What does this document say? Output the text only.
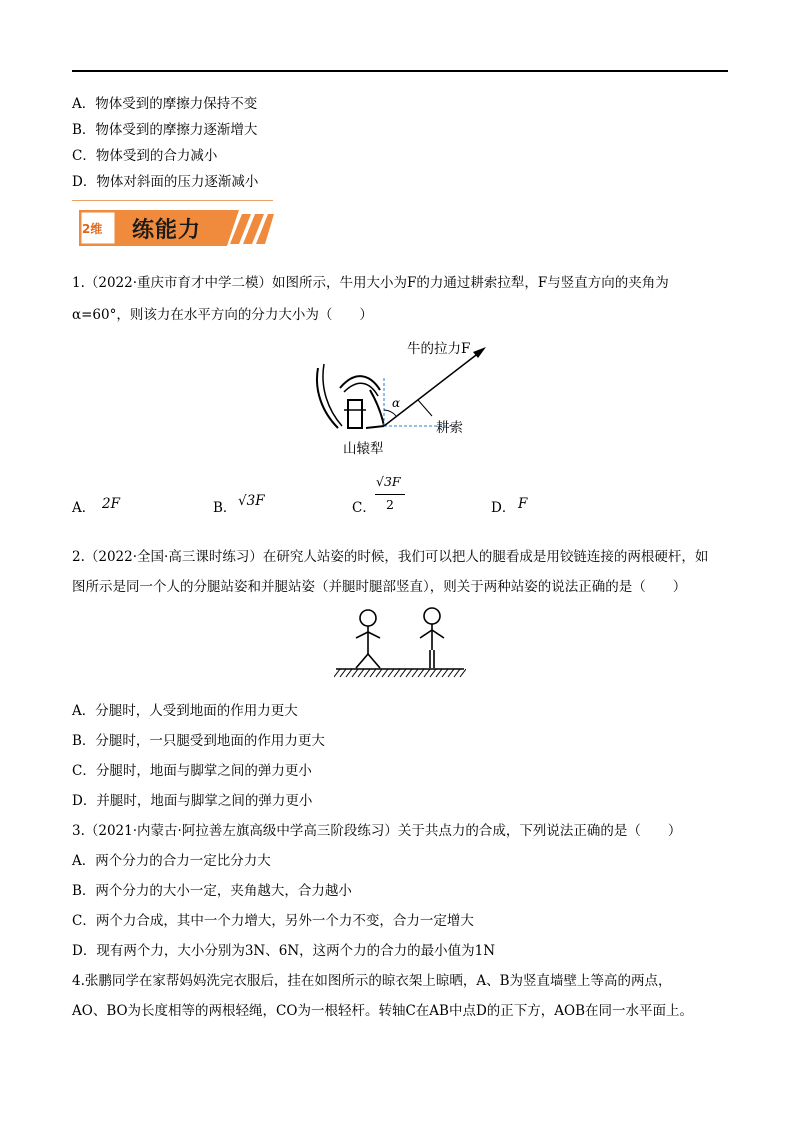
A．物体受到的摩擦力保持不变
B．物体受到的摩擦力逐渐增大
C．物体受到的合力减小
D．物体对斜面的压力逐渐减小
2维 练能力
1.（2022·重庆市育才中学二模）如图所示，牛用大小为F的力通过耕索拉犁，F与竖直方向的夹角为
α=60°，则该力在水平方向的分力大小为（　　）
牛的拉力F
α
耕索
山辕犁
A． 2F	B． √3F	C．
√3F
2	D． F
2.（2022·全国·高三课时练习）在研究人站姿的时候，我们可以把人的腿看成是用铰链连接的两根硬杆，如
图所示是同一个人的分腿站姿和并腿站姿（并腿时腿部竖直），则关于两种站姿的说法正确的是（　　）
A．分腿时，人受到地面的作用力更大
B．分腿时，一只腿受到地面的作用力更大
C．分腿时，地面与脚掌之间的弹力更小
D．并腿时，地面与脚掌之间的弹力更小
3.（2021·内蒙古·阿拉善左旗高级中学高三阶段练习）关于共点力的合成，下列说法正确的是（　　）
A．两个分力的合力一定比分力大
B．两个分力的大小一定，夹角越大，合力越小
C．两个力合成，其中一个力增大，另外一个力不变，合力一定增大
D．现有两个力，大小分别为3N、6N，这两个力的合力的最小值为1N
4.张鹏同学在家帮妈妈洗完衣服后，挂在如图所示的晾衣架上晾晒，A、B为竖直墙壁上等高的两点，
AO、BO为长度相等的两根轻绳，CO为一根轻杆。转轴C在AB中点D的正下方，AOB在同一水平面上。
